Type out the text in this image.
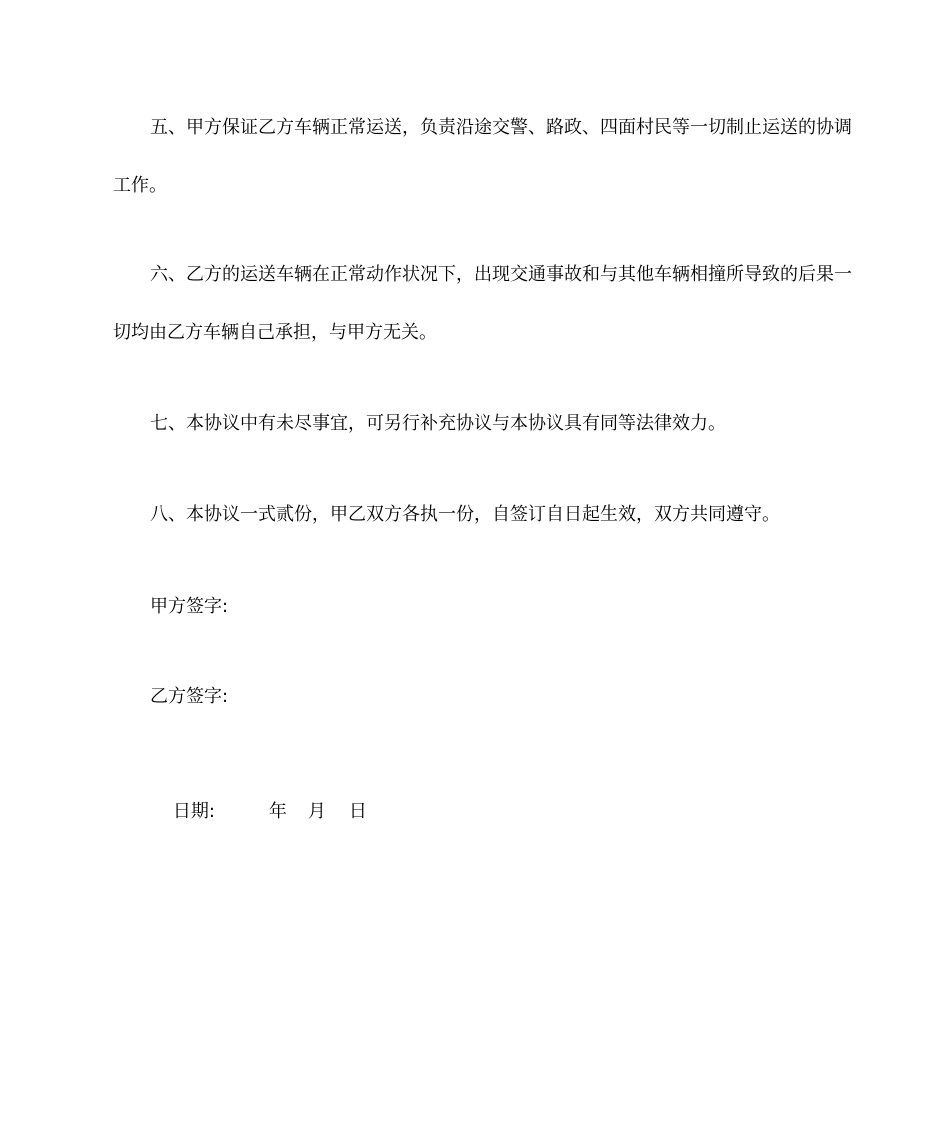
五、甲方保证乙方车辆正常运送，负责沿途交警、路政、四面村民等一切制止运送的协调工作。

六、乙方的运送车辆在正常动作状况下，出现交通事故和与其他车辆相撞所导致的后果一切均由乙方车辆自己承担，与甲方无关。

七、本协议中有未尽事宜，可另行补充协议与本协议具有同等法律效力。

八、本协议一式贰份，甲乙双方各执一份，自签订自日起生效，双方共同遵守。

甲方签字:

乙方签字:

日期:	年 月 日
